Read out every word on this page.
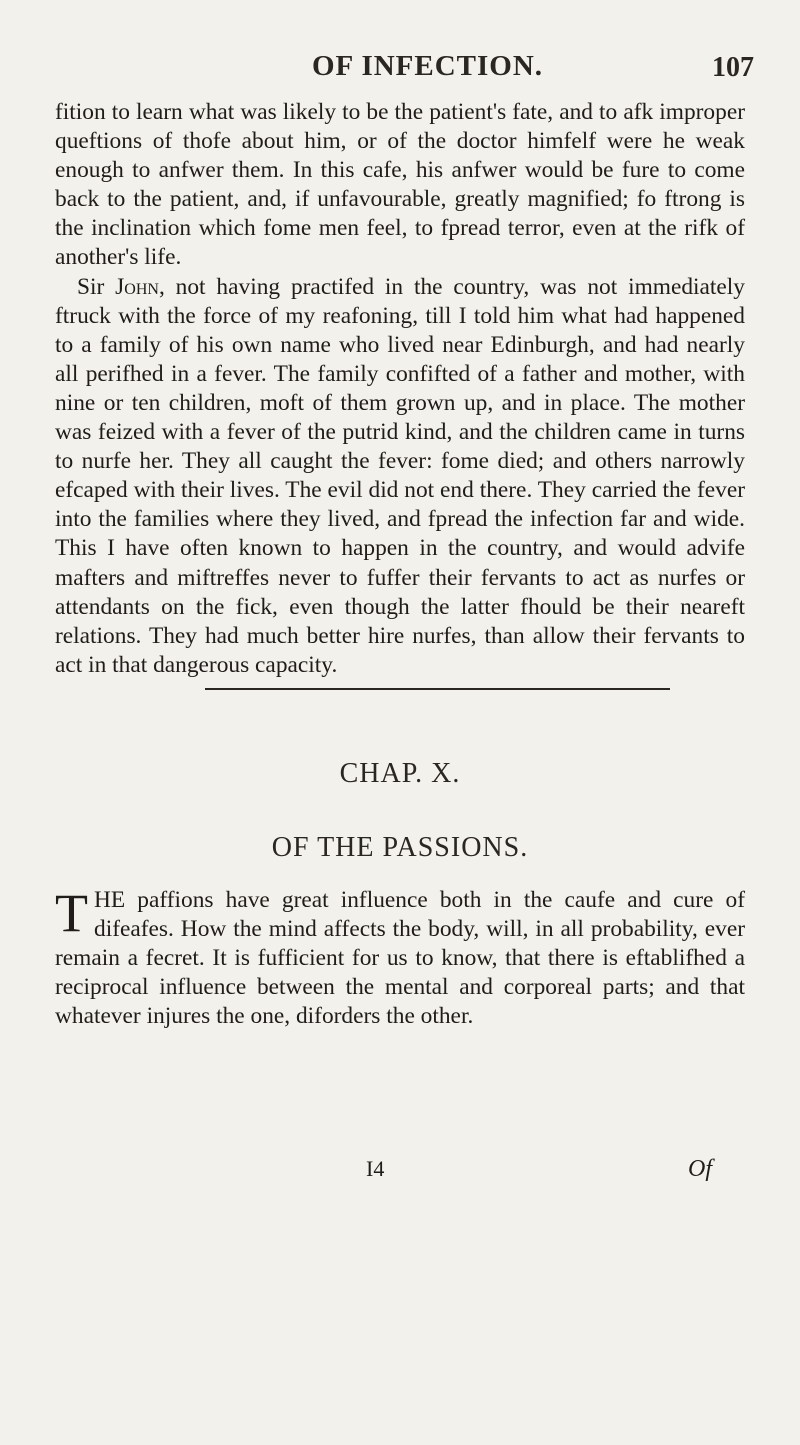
OF INFECTION.	107

fition to learn what was likely to be the patient's fate, and to afk improper queftions of thofe about him, or of the doctor himfelf were he weak enough to anfwer them. In this cafe, his anfwer would be fure to come back to the patient, and, if unfavourable, greatly magnified; fo ftrong is the inclination which fome men feel, to fpread terror, even at the rifk of another's life.

Sir John, not having practifed in the country, was not immediately ftruck with the force of my reafoning, till I told him what had happened to a family of his own name who lived near Edinburgh, and had nearly all perifhed in a fever. The family confifted of a father and mother, with nine or ten children, moft of them grown up, and in place. The mother was feized with a fever of the putrid kind, and the children came in turns to nurfe her. They all caught the fever: fome died; and others narrowly efcaped with their lives. The evil did not end there. They carried the fever into the families where they lived, and fpread the infection far and wide. This I have often known to happen in the country, and would advife mafters and miftreffes never to fuffer their fervants to act as nurfes or attendants on the fick, even though the latter fhould be their neareft relations. They had much better hire nurfes, than allow their fervants to act in that dangerous capacity.

CHAP. X.
OF THE PASSIONS.
THE paffions have great influence both in the caufe and cure of difeafes. How the mind affects the body, will, in all probability, ever remain a fecret. It is fufficient for us to know, that there is eftablifhed a reciprocal influence between the mental and corporeal parts; and that whatever injures the one, diforders the other.
I4	Of
